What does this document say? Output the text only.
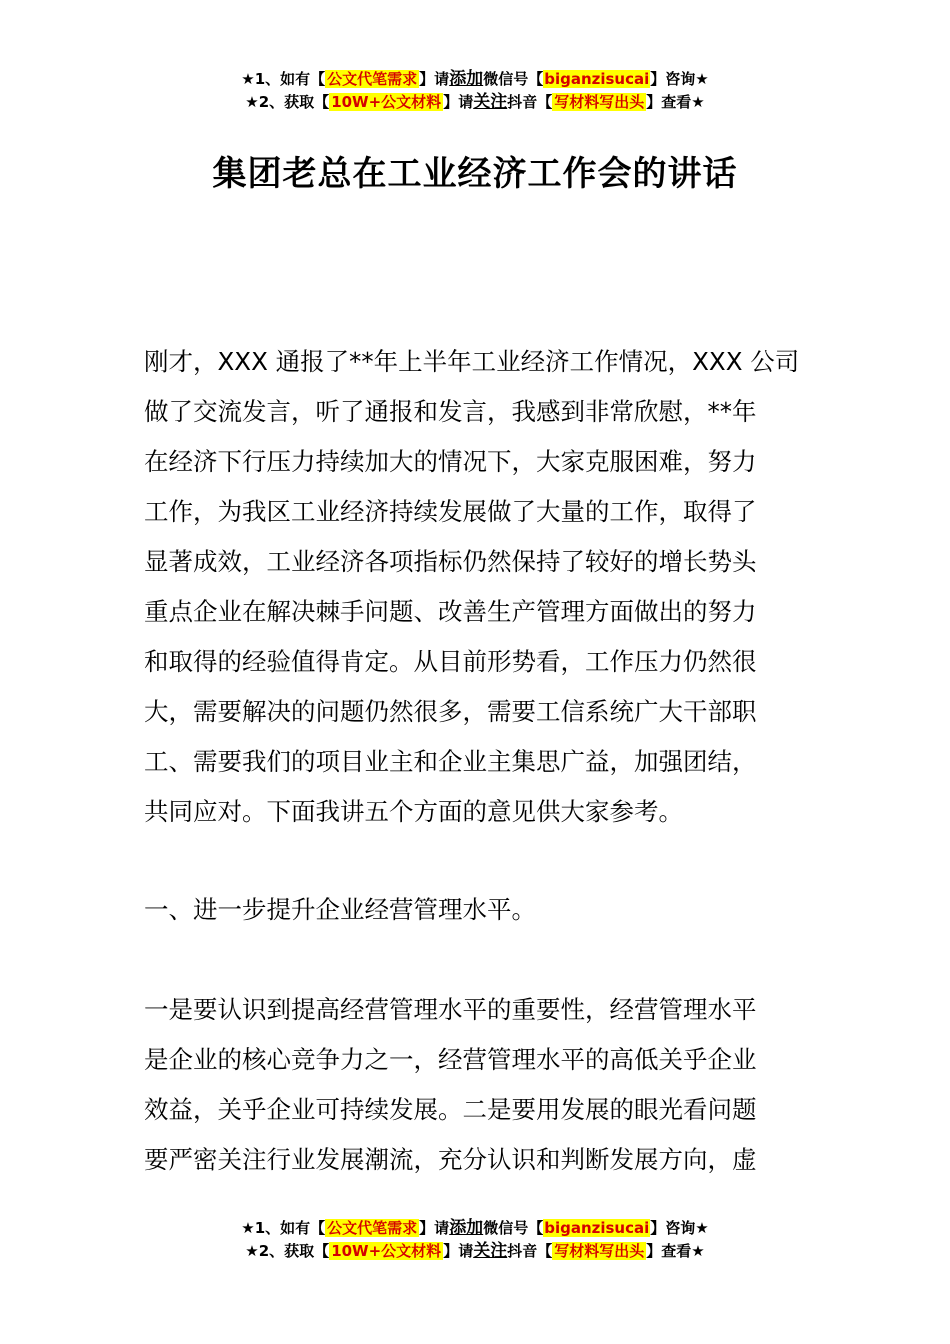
★1、如有【 公文代笔需求 】请添加微信号【biganzisucai】咨询★
★2、获取【 10W+公文材料 】请关注抖音【 写材料写出头 】查看★
集团老总在工业经济工作会的讲话
刚才，XXX 通报了**年上半年工业经济工作情况，XXX 公司
做了交流发言，听了通报和发言，我感到非常欣慰，**年
在经济下行压力持续加大的情况下，大家克服困难，努力
工作，为我区工业经济持续发展做了大量的工作，取得了
显著成效，工业经济各项指标仍然保持了较好的增长势头
重点企业在解决棘手问题、改善生产管理方面做出的努力
和取得的经验值得肯定。从目前形势看，工作压力仍然很
大，需要解决的问题仍然很多，需要工信系统广大干部职
工、需要我们的项目业主和企业主集思广益，加强团结，
共同应对。下面我讲五个方面的意见供大家参考。
一、进一步提升企业经营管理水平。
一是要认识到提高经营管理水平的重要性，经营管理水平
是企业的核心竞争力之一，经营管理水平的高低关乎企业
效益，关乎企业可持续发展。二是要用发展的眼光看问题
要严密关注行业发展潮流，充分认识和判断发展方向，虚
★1、如有【 公文代笔需求 】请添加微信号【biganzisucai】咨询★
★2、获取【 10W+公文材料 】请关注抖音【 写材料写出头 】查看★
